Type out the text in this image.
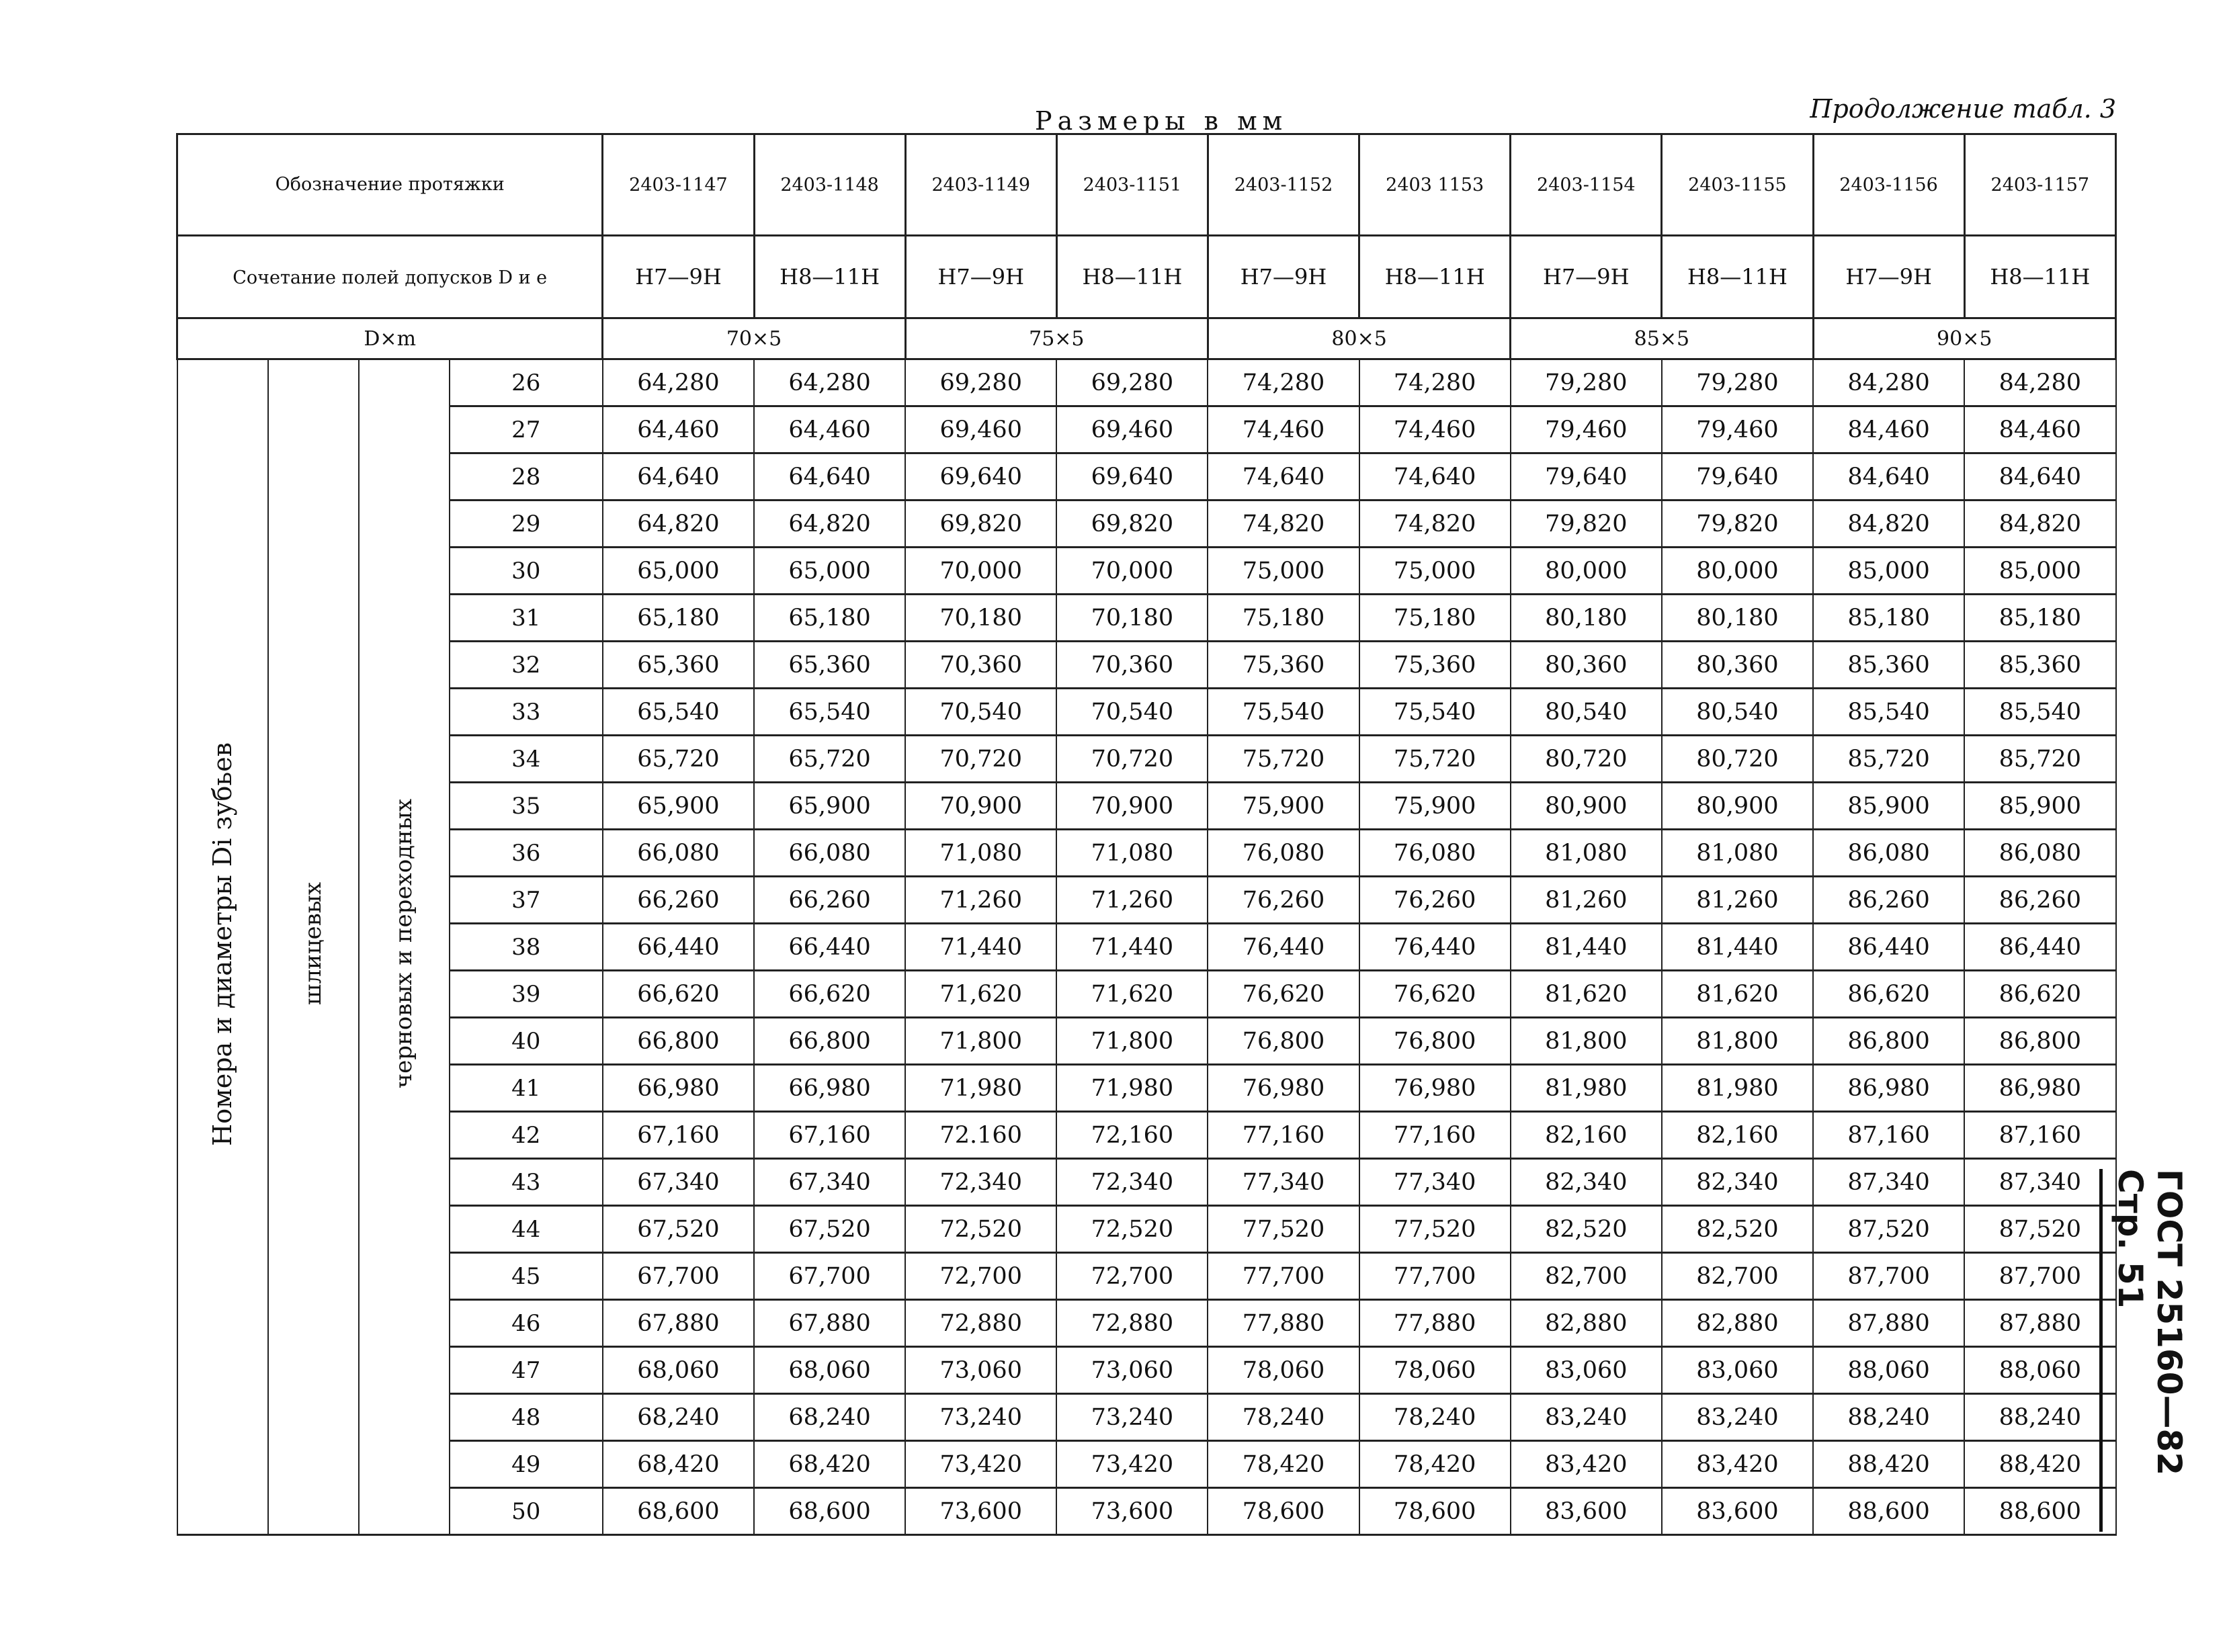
Размеры в мм	Продолжение табл. 3
Обозначение протяжки				2403-1147	2403-1148	2403-1149	2403-1151	2403-1152	2403 1153	2403-1154	2403-1155	2403-1156	2403-1157
Сочетание полей допусков D и e				H7—9H	H8—11H	H7—9H	H8—11H	H7—9H	H8—11H	H7—9H	H8—11H	H7—9H	H8—11H
D×m				70×5		75×5		80×5		85×5		90×5	
Номера и диаметры Di зубьев	шлицевых	черновых и переходных	26	64,280	64,280	69,280	69,280	74,280	74,280	79,280	79,280	84,280	84,280
			27	64,460	64,460	69,460	69,460	74,460	74,460	79,460	79,460	84,460	84,460
			28	64,640	64,640	69,640	69,640	74,640	74,640	79,640	79,640	84,640	84,640
			29	64,820	64,820	69,820	69,820	74,820	74,820	79,820	79,820	84,820	84,820
			30	65,000	65,000	70,000	70,000	75,000	75,000	80,000	80,000	85,000	85,000
			31	65,180	65,180	70,180	70,180	75,180	75,180	80,180	80,180	85,180	85,180
			32	65,360	65,360	70,360	70,360	75,360	75,360	80,360	80,360	85,360	85,360
			33	65,540	65,540	70,540	70,540	75,540	75,540	80,540	80,540	85,540	85,540
			34	65,720	65,720	70,720	70,720	75,720	75,720	80,720	80,720	85,720	85,720
			35	65,900	65,900	70,900	70,900	75,900	75,900	80,900	80,900	85,900	85,900
			36	66,080	66,080	71,080	71,080	76,080	76,080	81,080	81,080	86,080	86,080
			37	66,260	66,260	71,260	71,260	76,260	76,260	81,260	81,260	86,260	86,260
			38	66,440	66,440	71,440	71,440	76,440	76,440	81,440	81,440	86,440	86,440
			39	66,620	66,620	71,620	71,620	76,620	76,620	81,620	81,620	86,620	86,620
			40	66,800	66,800	71,800	71,800	76,800	76,800	81,800	81,800	86,800	86,800
			41	66,980	66,980	71,980	71,980	76,980	76,980	81,980	81,980	86,980	86,980
			42	67,160	67,160	72.160	72,160	77,160	77,160	82,160	82,160	87,160	87,160
			43	67,340	67,340	72,340	72,340	77,340	77,340	82,340	82,340	87,340	87,340
			44	67,520	67,520	72,520	72,520	77,520	77,520	82,520	82,520	87,520	87,520
			45	67,700	67,700	72,700	72,700	77,700	77,700	82,700	82,700	87,700	87,700
			46	67,880	67,880	72,880	72,880	77,880	77,880	82,880	82,880	87,880	87,880
			47	68,060	68,060	73,060	73,060	78,060	78,060	83,060	83,060	88,060	88,060
			48	68,240	68,240	73,240	73,240	78,240	78,240	83,240	83,240	88,240	88,240
			49	68,420	68,420	73,420	73,420	78,420	78,420	83,420	83,420	88,420	88,420
			50	68,600	68,600	73,600	73,600	78,600	78,600	83,600	83,600	88,600	88,600
ГОСТ 25160—82    Стр. 51
